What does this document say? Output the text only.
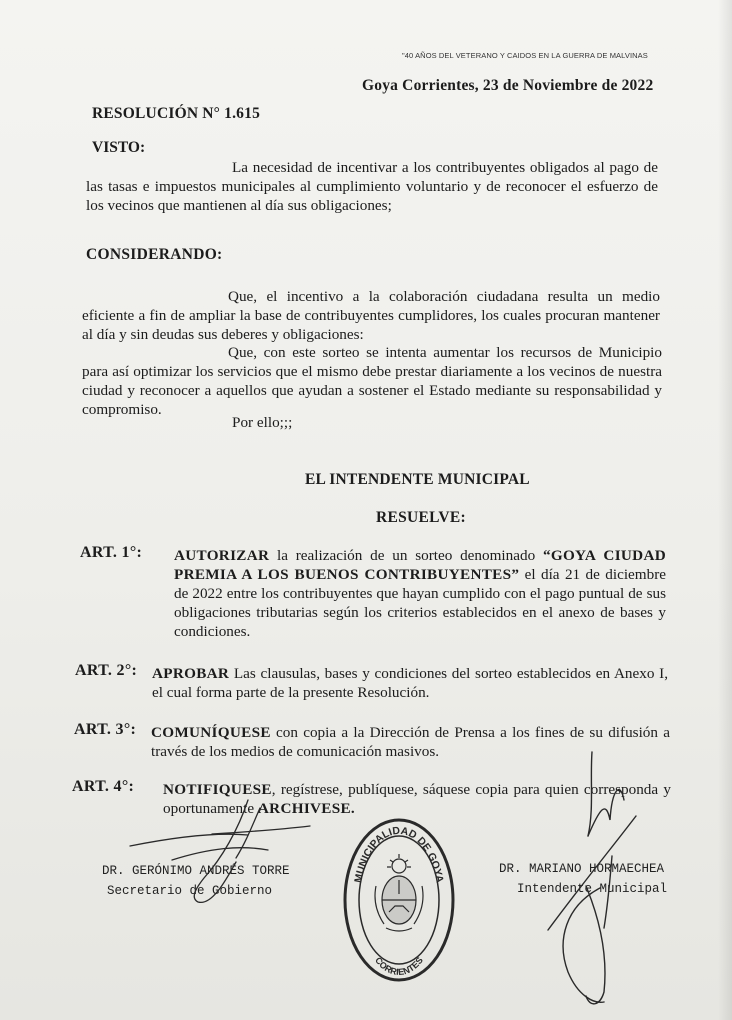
"40 AÑOS DEL VETERANO Y CAIDOS EN LA GUERRA DE MALVINAS
Goya Corrientes, 23 de Noviembre de 2022
RESOLUCIÓN N° 1.615
VISTO:
La necesidad de incentivar a los contribuyentes obligados al pago de las tasas e impuestos municipales al cumplimiento voluntario y de reconocer el esfuerzo de los vecinos que mantienen al día sus obligaciones;
CONSIDERANDO:
Que, el incentivo a la colaboración ciudadana resulta un medio eficiente a fin de ampliar la base de contribuyentes cumplidores, los cuales procuran mantener al día y sin deudas sus deberes y obligaciones:
Que, con este sorteo se intenta aumentar los recursos de Municipio para así optimizar los servicios que el mismo debe prestar diariamente a los vecinos de nuestra ciudad y reconocer a aquellos que ayudan a sostener el Estado mediante su responsabilidad y compromiso.
Por ello;;;
EL INTENDENTE MUNICIPAL
RESUELVE:
ART. 1°: AUTORIZAR la realización de un sorteo denominado “GOYA CIUDAD PREMIA A LOS BUENOS CONTRIBUYENTES” el día 21 de diciembre de 2022 entre los contribuyentes que hayan cumplido con el pago puntual de sus obligaciones tributarias según los criterios establecidos en el anexo de bases y condiciones.
ART. 2°: APROBAR Las clausulas, bases y condiciones del sorteo establecidos en Anexo I, el cual forma parte de la presente Resolución.
ART. 3°: COMUNÍQUESE con copia a la Dirección de Prensa a los fines de su difusión a través de los medios de comunicación masivos.
ART. 4°: NOTIFIQUESE, regístrese, publíquese, sáquese copia para quien corresponda y oportunamente ARCHIVESE.
DR. GERÓNIMO ANDRÉS TORRE
Secretario de Gobierno
DR. MARIANO HORMAECHEA
Intendente Municipal
MUNICIPALIDAD DE GOYA
CORRIENTES
